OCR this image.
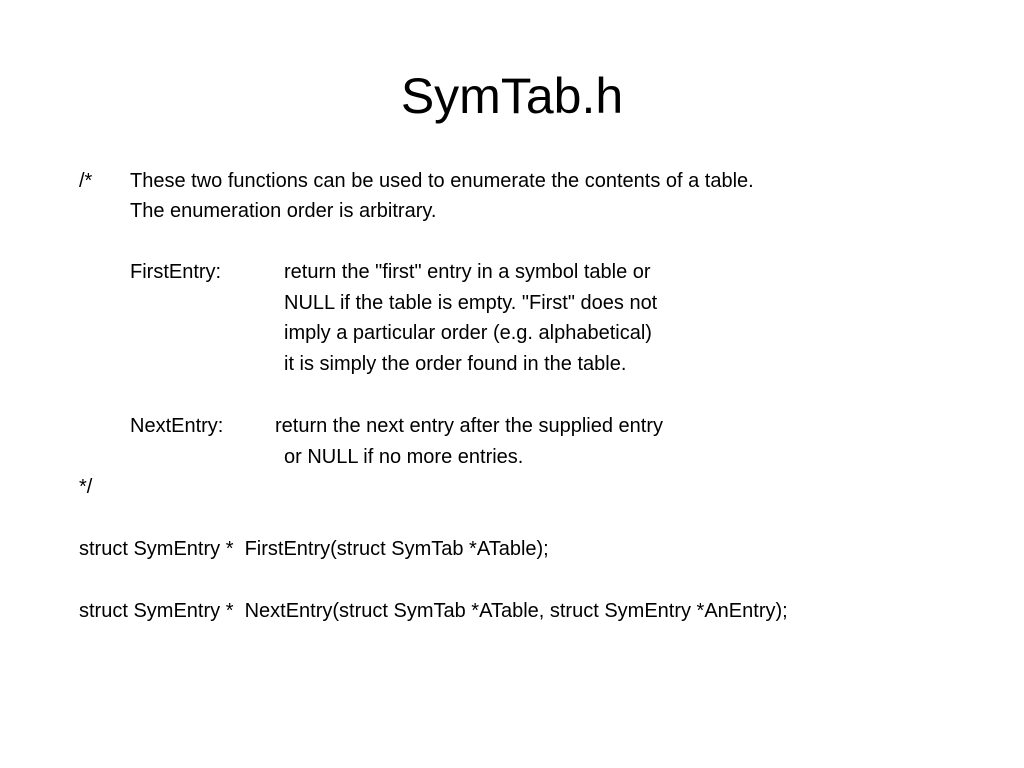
SymTab.h
/* These two functions can be used to enumerate the contents of a table.
The enumeration order is arbitrary.
FirstEntry:	return the "first" entry in a symbol table or
NULL if the table is empty. "First" does not
imply a particular order (e.g. alphabetical)
it is simply the order found in the table.
NextEntry:	return the next entry after the supplied entry
or NULL if no more entries.
*/
struct SymEntry *  FirstEntry(struct SymTab *ATable);
struct SymEntry *  NextEntry(struct SymTab *ATable, struct SymEntry *AnEntry);
